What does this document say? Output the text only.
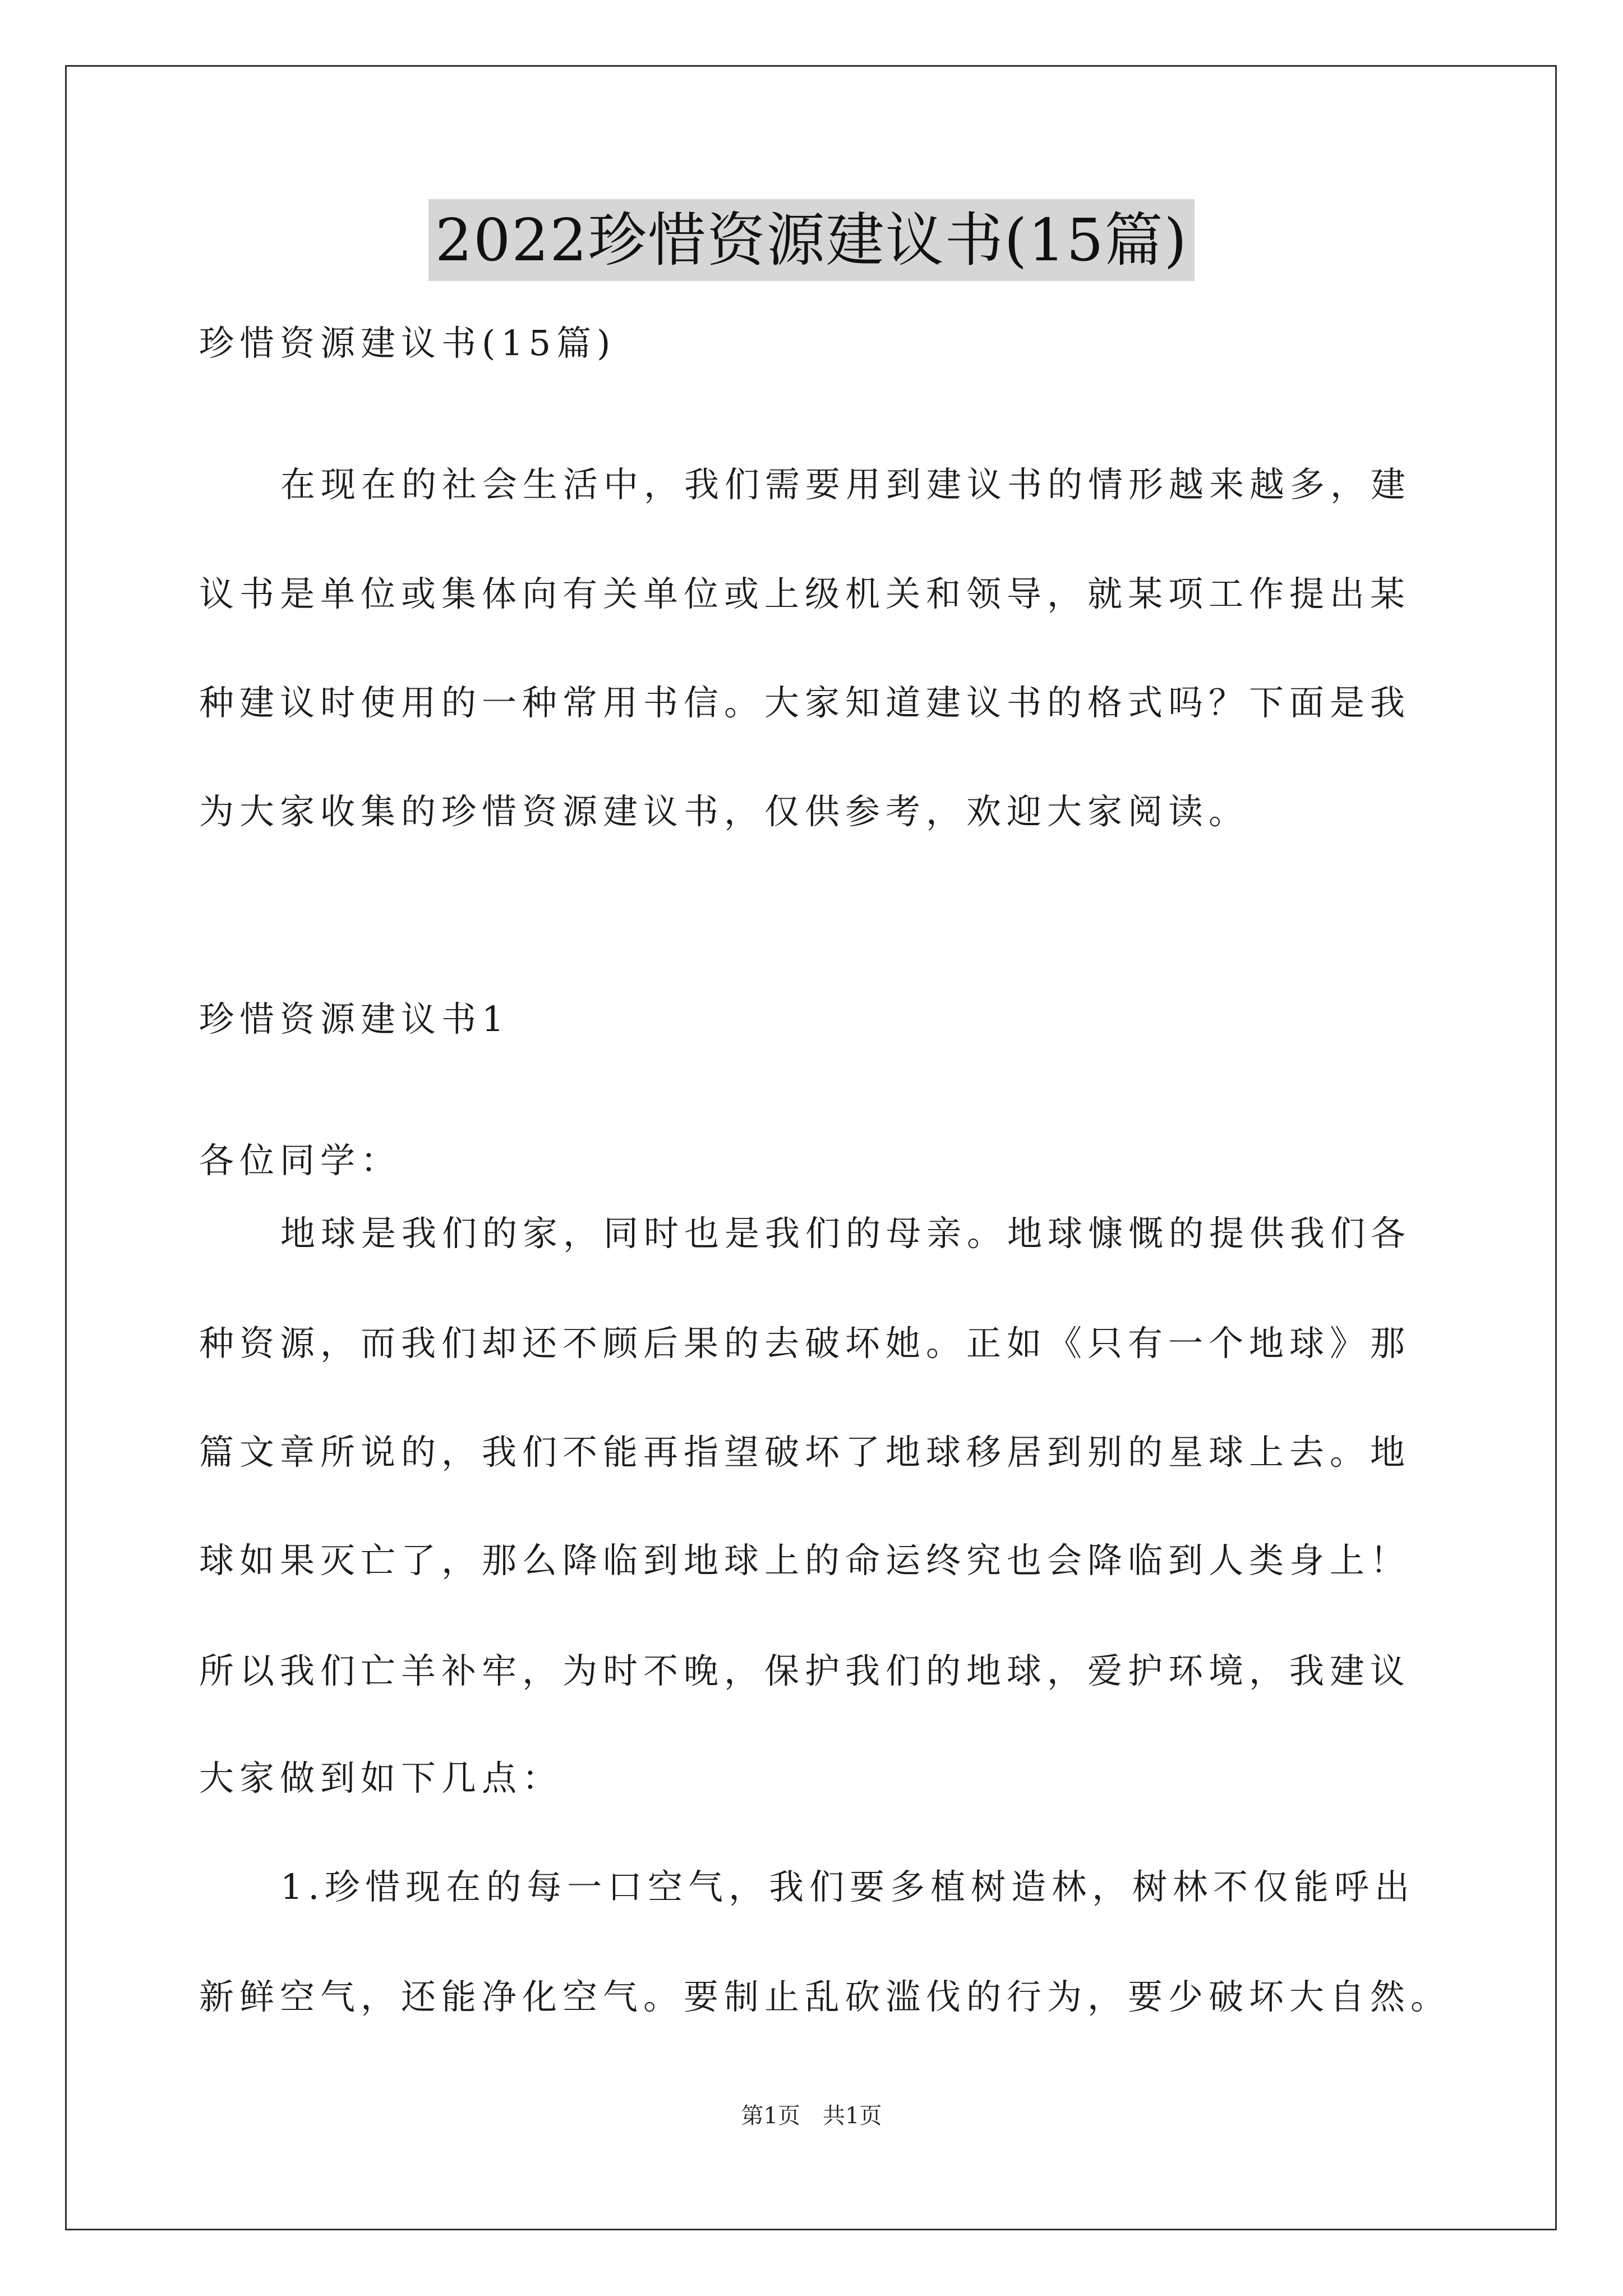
2022珍惜资源建议书(15篇)
珍惜资源建议书(15篇)
在现在的社会生活中，我们需要用到建议书的情形越来越多，建
议书是单位或集体向有关单位或上级机关和领导，就某项工作提出某
种建议时使用的一种常用书信。大家知道建议书的格式吗？下面是我
为大家收集的珍惜资源建议书，仅供参考，欢迎大家阅读。
珍惜资源建议书1
各位同学：
地球是我们的家，同时也是我们的母亲。地球慷慨的提供我们各
种资源，而我们却还不顾后果的去破坏她。正如《只有一个地球》那
篇文章所说的，我们不能再指望破坏了地球移居到别的星球上去。地
球如果灭亡了，那么降临到地球上的命运终究也会降临到人类身上！
所以我们亡羊补牢，为时不晚，保护我们的地球，爱护环境，我建议
大家做到如下几点：
1.珍惜现在的每一口空气，我们要多植树造林，树林不仅能呼出
新鲜空气，还能净化空气。要制止乱砍滥伐的行为，要少破坏大自然。
第1页　共1页
